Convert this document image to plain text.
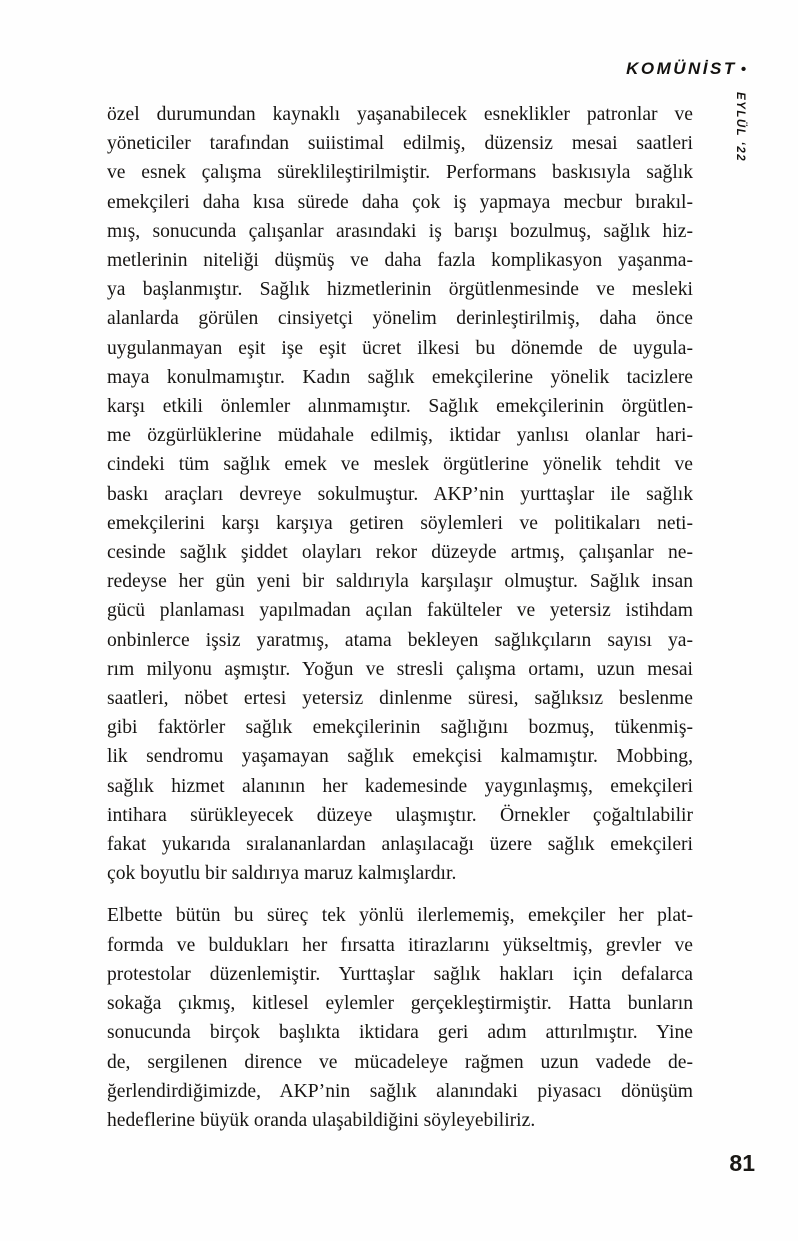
KOMÜNİST •
EYLÜL ‘22
özel durumundan kaynaklı yaşanabilecek esneklikler patronlar ve
yöneticiler tarafından suiistimal edilmiş, düzensiz mesai saatleri
ve esnek çalışma süreklileştirilmiştir. Performans baskısıyla sağlık
emekçileri daha kısa sürede daha çok iş yapmaya mecbur bırakıl-
mış, sonucunda çalışanlar arasındaki iş barışı bozulmuş, sağlık hiz-
metlerinin niteliği düşmüş ve daha fazla komplikasyon yaşanma-
ya başlanmıştır. Sağlık hizmetlerinin örgütlenmesinde ve mesleki
alanlarda görülen cinsiyetçi yönelim derinleştirilmiş, daha önce
uygulanmayan eşit işe eşit ücret ilkesi bu dönemde de uygula-
maya konulmamıştır. Kadın sağlık emekçilerine yönelik tacizlere
karşı etkili önlemler alınmamıştır. Sağlık emekçilerinin örgütlen-
me özgürlüklerine müdahale edilmiş, iktidar yanlısı olanlar hari-
cindeki tüm sağlık emek ve meslek örgütlerine yönelik tehdit ve
baskı araçları devreye sokulmuştur. AKP’nin yurttaşlar ile sağlık
emekçilerini karşı karşıya getiren söylemleri ve politikaları neti-
cesinde sağlık şiddet olayları rekor düzeyde artmış, çalışanlar ne-
redeyse her gün yeni bir saldırıyla karşılaşır olmuştur. Sağlık insan
gücü planlaması yapılmadan açılan fakülteler ve yetersiz istihdam
onbinlerce işsiz yaratmış, atama bekleyen sağlıkçıların sayısı ya-
rım milyonu aşmıştır. Yoğun ve stresli çalışma ortamı, uzun mesai
saatleri, nöbet ertesi yetersiz dinlenme süresi, sağlıksız beslenme
gibi faktörler sağlık emekçilerinin sağlığını bozmuş, tükenmiş-
lik sendromu yaşamayan sağlık emekçisi kalmamıştır. Mobbing,
sağlık hizmet alanının her kademesinde yaygınlaşmış, emekçileri
intihara sürükleyecek düzeye ulaşmıştır. Örnekler çoğaltılabilir
fakat yukarıda sıralananlardan anlaşılacağı üzere sağlık emekçileri
çok boyutlu bir saldırıya maruz kalmışlardır.
Elbette bütün bu süreç tek yönlü ilerlememiş, emekçiler her plat-
formda ve buldukları her fırsatta itirazlarını yükseltmiş, grevler ve
protestolar düzenlemiştir. Yurttaşlar sağlık hakları için defalarca
sokağa çıkmış, kitlesel eylemler gerçekleştirmiştir. Hatta bunların
sonucunda birçok başlıkta iktidara geri adım attırılmıştır. Yine
de, sergilenen dirence ve mücadeleye rağmen uzun vadede de-
ğerlendirdiğimizde, AKP’nin sağlık alanındaki piyasacı dönüşüm
hedeflerine büyük oranda ulaşabildiğini söyleyebiliriz.
81
